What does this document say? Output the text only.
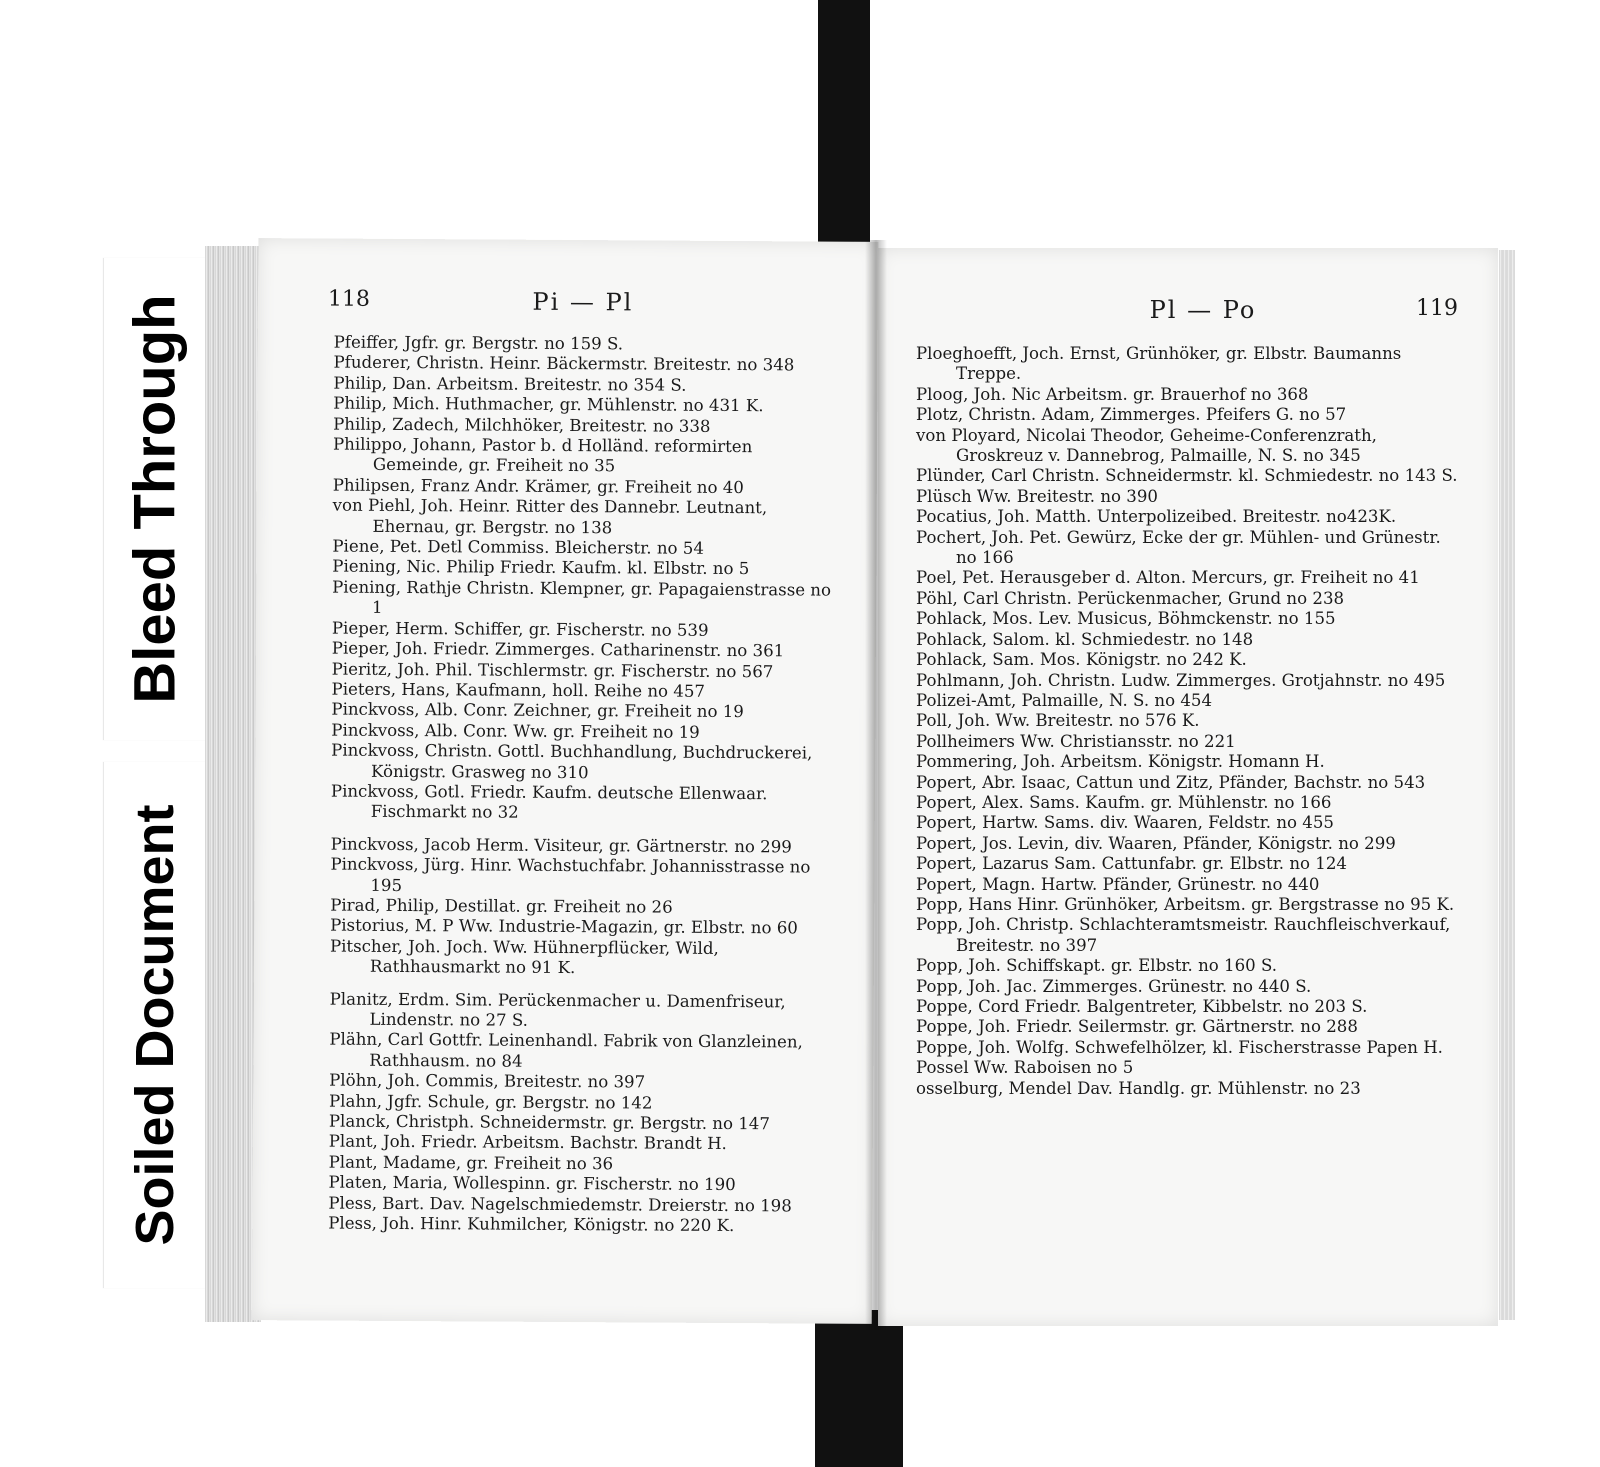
Bleed Through
Soiled Document
118	Pi — Pl
Pfeiffer, Jgfr. gr. Bergstr. no 159 S.
Pfuderer, Christn. Heinr. Bäckermstr. Breitestr. no 348
Philip, Dan. Arbeitsm. Breitestr. no 354 S.
Philip, Mich. Huthmacher, gr. Mühlenstr. no 431 K.
Philip, Zadech, Milchhöker, Breitestr. no 338
Philippo, Johann, Pastor b. d Holländ. reformirten Gemeinde, gr. Freiheit no 35
Philipsen, Franz Andr. Krämer, gr. Freiheit no 40
von Piehl, Joh. Heinr. Ritter des Dannebr. Leutnant, Ehernau, gr. Bergstr. no 138
Piene, Pet. Detl Commiss. Bleicherstr. no 54
Piening, Nic. Philip Friedr. Kaufm. kl. Elbstr. no 5
Piening, Rathje Christn. Klempner, gr. Papagaienstrasse no 1
Pieper, Herm. Schiffer, gr. Fischerstr. no 539
Pieper, Joh. Friedr. Zimmerges. Catharinenstr. no 361
Pieritz, Joh. Phil. Tischlermstr. gr. Fischerstr. no 567
Pieters, Hans, Kaufmann, holl. Reihe no 457
Pinckvoss, Alb. Conr. Zeichner, gr. Freiheit no 19
Pinckvoss, Alb. Conr. Ww. gr. Freiheit no 19
Pinckvoss, Christn. Gottl. Buchhandlung, Buchdruckerei, Königstr. Grasweg no 310
Pinckvoss, Gotl. Friedr. Kaufm. deutsche Ellenwaar. Fischmarkt no 32
Pinckvoss, Jacob Herm. Visiteur, gr. Gärtnerstr. no 299
Pinckvoss, Jürg. Hinr. Wachstuchfabr. Johannisstrasse no 195
Pirad, Philip, Destillat. gr. Freiheit no 26
Pistorius, M. P Ww. Industrie-Magazin, gr. Elbstr. no 60
Pitscher, Joh. Joch. Ww. Hühnerpflücker, Wild, Rathhausmarkt no 91 K.
Planitz, Erdm. Sim. Perückenmacher u. Damenfriseur, Lindenstr. no 27 S.
Plähn, Carl Gottfr. Leinenhandl. Fabrik von Glanzleinen, Rathhausm. no 84
Plöhn, Joh. Commis, Breitestr. no 397
Plahn, Jgfr. Schule, gr. Bergstr. no 142
Planck, Christph. Schneidermstr. gr. Bergstr. no 147
Plant, Joh. Friedr. Arbeitsm. Bachstr. Brandt H.
Plant, Madame, gr. Freiheit no 36
Platen, Maria, Wollespinn. gr. Fischerstr. no 190
Pless, Bart. Dav. Nagelschmiedemstr. Dreierstr. no 198
Pless, Joh. Hinr. Kuhmilcher, Königstr. no 220 K.
Pl — Po	119
Ploeghoefft, Joch. Ernst, Grünhöker, gr. Elbstr. Baumanns Treppe.
Ploog, Joh. Nic Arbeitsm. gr. Brauerhof no 368
Plotz, Christn. Adam, Zimmerges. Pfeifers G. no 57
von Ployard, Nicolai Theodor, Geheime-Conferenzrath, Groskreuz v. Dannebrog, Palmaille, N. S. no 345
Plünder, Carl Christn. Schneidermstr. kl. Schmiedestr. no 143 S.
Plüsch Ww. Breitestr. no 390
Pocatius, Joh. Matth. Unterpolizeibed. Breitestr. no423K.
Pochert, Joh. Pet. Gewürz, Ecke der gr. Mühlen- und Grünestr. no 166
Poel, Pet. Herausgeber d. Alton. Mercurs, gr. Freiheit no 41
Pöhl, Carl Christn. Perückenmacher, Grund no 238
Pohlack, Mos. Lev. Musicus, Böhmckenstr. no 155
Pohlack, Salom. kl. Schmiedestr. no 148
Pohlack, Sam. Mos. Königstr. no 242 K.
Pohlmann, Joh. Christn. Ludw. Zimmerges. Grotjahnstr. no 495
Polizei-Amt, Palmaille, N. S. no 454
Poll, Joh. Ww. Breitestr. no 576 K.
Pollheimers Ww. Christiansstr. no 221
Pommering, Joh. Arbeitsm. Königstr. Homann H.
Popert, Abr. Isaac, Cattun und Zitz, Pfänder, Bachstr. no 543
Popert, Alex. Sams. Kaufm. gr. Mühlenstr. no 166
Popert, Hartw. Sams. div. Waaren, Feldstr. no 455
Popert, Jos. Levin, div. Waaren, Pfänder, Königstr. no 299
Popert, Lazarus Sam. Cattunfabr. gr. Elbstr. no 124
Popert, Magn. Hartw. Pfänder, Grünestr. no 440
Popp, Hans Hinr. Grünhöker, Arbeitsm. gr. Bergstrasse no 95 K.
Popp, Joh. Christp. Schlachteramtsmeistr. Rauchfleischverkauf, Breitestr. no 397
Popp, Joh. Schiffskapt. gr. Elbstr. no 160 S.
Popp, Joh. Jac. Zimmerges. Grünestr. no 440 S.
Poppe, Cord Friedr. Balgentreter, Kibbelstr. no 203 S.
Poppe, Joh. Friedr. Seilermstr. gr. Gärtnerstr. no 288
Poppe, Joh. Wolfg. Schwefelhölzer, kl. Fischerstrasse Papen H.
Possel Ww. Raboisen no 5
osselburg, Mendel Dav. Handlg. gr. Mühlenstr. no 23
